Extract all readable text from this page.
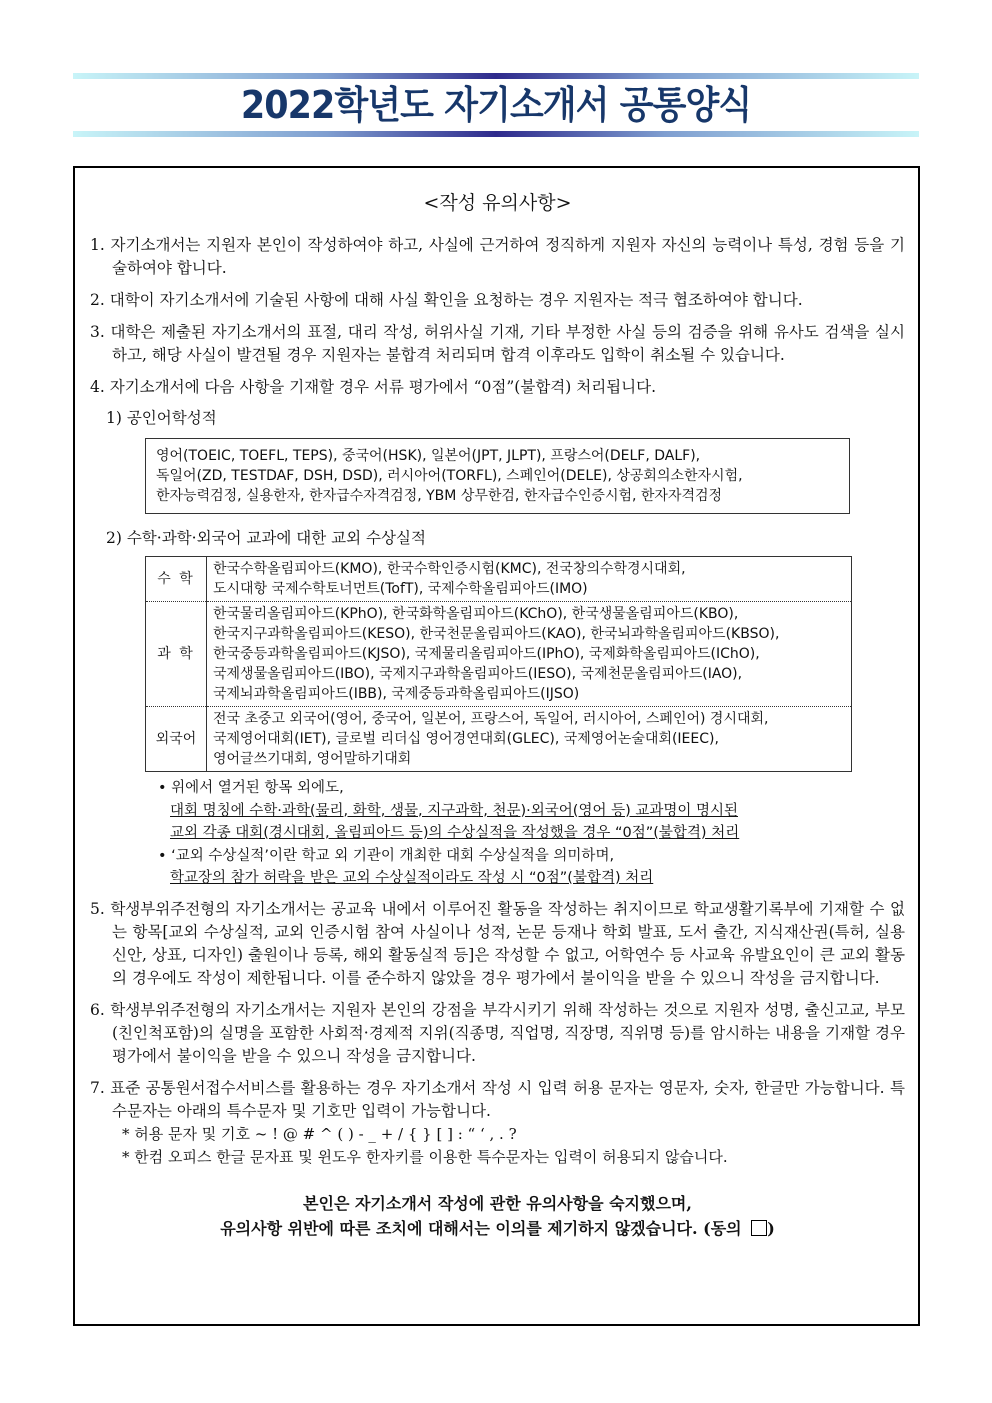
2022학년도 자기소개서 공통양식
<작성 유의사항>
1. 자기소개서는 지원자 본인이 작성하여야 하고, 사실에 근거하여 정직하게 지원자 자신의 능력이나 특성, 경험 등을 기술하여야 합니다.
2. 대학이 자기소개서에 기술된 사항에 대해 사실 확인을 요청하는 경우 지원자는 적극 협조하여야 합니다.
3. 대학은 제출된 자기소개서의 표절, 대리 작성, 허위사실 기재, 기타 부정한 사실 등의 검증을 위해 유사도 검색을 실시하고, 해당 사실이 발견될 경우 지원자는 불합격 처리되며 합격 이후라도 입학이 취소될 수 있습니다.
4. 자기소개서에 다음 사항을 기재할 경우 서류 평가에서 “0점”(불합격) 처리됩니다.
1) 공인어학성적
영어(TOEIC, TOEFL, TEPS), 중국어(HSK), 일본어(JPT, JLPT), 프랑스어(DELF, DALF),
독일어(ZD, TESTDAF, DSH, DSD), 러시아어(TORFL), 스페인어(DELE), 상공회의소한자시험,
한자능력검정, 실용한자, 한자급수자격검정, YBM 상무한검, 한자급수인증시험, 한자자격검정
2) 수학·과학·외국어 교과에 대한 교외 수상실적
수 학	한국수학올림피아드(KMO), 한국수학인증시험(KMC), 전국창의수학경시대회,
도시대항 국제수학토너먼트(TofT), 국제수학올림피아드(IMO)

과 학	한국물리올림피아드(KPhO), 한국화학올림피아드(KChO), 한국생물올림피아드(KBO),
한국지구과학올림피아드(KESO), 한국천문올림피아드(KAO), 한국뇌과학올림피아드(KBSO),
한국중등과학올림피아드(KJSO), 국제물리올림피아드(IPhO), 국제화학올림피아드(IChO),
국제생물올림피아드(IBO), 국제지구과학올림피아드(IESO), 국제천문올림피아드(IAO),
국제뇌과학올림피아드(IBB), 국제중등과학올림피아드(IJSO)

외국어	전국 초중고 외국어(영어, 중국어, 일본어, 프랑스어, 독일어, 러시아어, 스페인어) 경시대회,
국제영어대회(IET), 글로벌 리더십 영어경연대회(GLEC), 국제영어논술대회(IEEC),
영어글쓰기대회, 영어말하기대회
• 위에서 열거된 항목 외에도,
대회 명칭에 수학·과학(물리, 화학, 생물, 지구과학, 천문)·외국어(영어 등) 교과명이 명시된
교외 각종 대회(경시대회, 올림피아드 등)의 수상실적을 작성했을 경우 “0점”(불합격) 처리
• ‘교외 수상실적’이란 학교 외 기관이 개최한 대회 수상실적을 의미하며,
학교장의 참가 허락을 받은 교외 수상실적이라도 작성 시 “0점”(불합격) 처리
5. 학생부위주전형의 자기소개서는 공교육 내에서 이루어진 활동을 작성하는 취지이므로 학교생활기록부에 기재할 수 없는 항목[교외 수상실적, 교외 인증시험 참여 사실이나 성적, 논문 등재나 학회 발표, 도서 출간, 지식재산권(특허, 실용신안, 상표, 디자인) 출원이나 등록, 해외 활동실적 등]은 작성할 수 없고, 어학연수 등 사교육 유발요인이 큰 교외 활동의 경우에도 작성이 제한됩니다. 이를 준수하지 않았을 경우 평가에서 불이익을 받을 수 있으니 작성을 금지합니다.
6. 학생부위주전형의 자기소개서는 지원자 본인의 강점을 부각시키기 위해 작성하는 것으로 지원자 성명, 출신고교, 부모(친인척포함)의 실명을 포함한 사회적·경제적 지위(직종명, 직업명, 직장명, 직위명 등)를 암시하는 내용을 기재할 경우 평가에서 불이익을 받을 수 있으니 작성을 금지합니다.
7. 표준 공통원서접수서비스를 활용하는 경우 자기소개서 작성 시 입력 허용 문자는 영문자, 숫자, 한글만 가능합니다. 특수문자는 아래의 특수문자 및 기호만 입력이 가능합니다.
* 허용 문자 및 기호 ~ ! @ # ^ ( ) - _ + / { } [ ] : “ ‘ , . ?
* 한컴 오피스 한글 문자표 및 윈도우 한자키를 이용한 특수문자는 입력이 허용되지 않습니다.
본인은 자기소개서 작성에 관한 유의사항을 숙지했으며,
유의사항 위반에 따른 조치에 대해서는 이의를 제기하지 않겠습니다. (동의 )
